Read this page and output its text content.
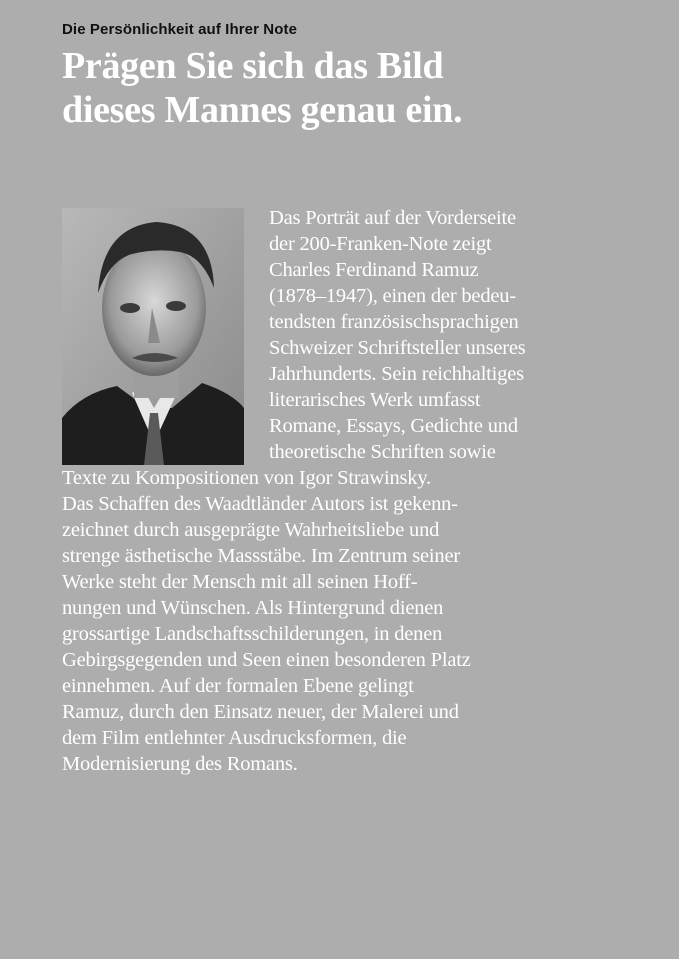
Die Persönlichkeit auf Ihrer Note
Prägen Sie sich das Bild
dieses Mannes genau ein.
Das Porträt auf der Vorderseite
der 200-Franken-Note zeigt
Charles Ferdinand Ramuz
(1878–1947), einen der bedeu-
tendsten französischsprachigen
Schweizer Schriftsteller unseres
Jahrhunderts. Sein reichhaltiges
literarisches Werk umfasst
Romane, Essays, Gedichte und
theoretische Schriften sowie
Texte zu Kompositionen von Igor Strawinsky.
Das Schaffen des Waadtländer Autors ist gekenn-
zeichnet durch ausgeprägte Wahrheitsliebe und
strenge ästhetische Massstäbe. Im Zentrum seiner
Werke steht der Mensch mit all seinen Hoff-
nungen und Wünschen. Als Hintergrund dienen
grossartige Landschaftsschilderungen, in denen
Gebirgsgegenden und Seen einen besonderen Platz
einnehmen. Auf der formalen Ebene gelingt
Ramuz, durch den Einsatz neuer, der Malerei und
dem Film entlehnter Ausdrucksformen, die
Modernisierung des Romans.
